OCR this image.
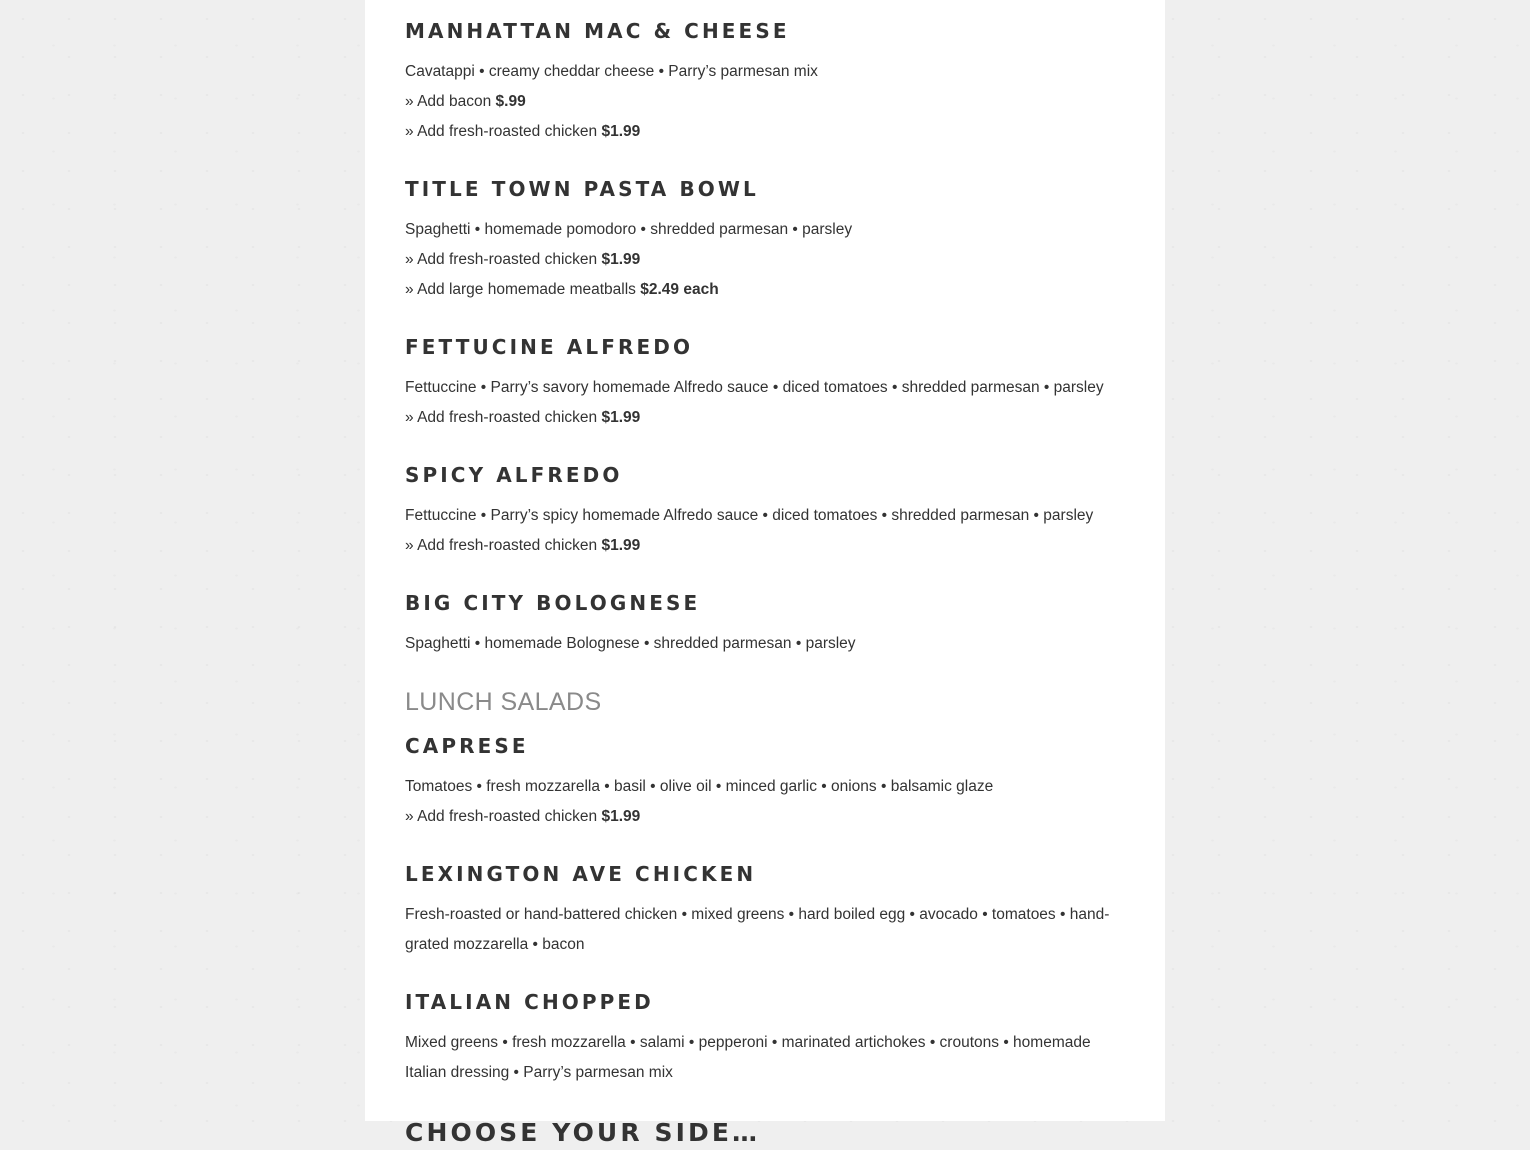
MANHATTAN MAC & CHEESE
Cavatappi • creamy cheddar cheese • Parry’s parmesan mix
» Add bacon $.99
» Add fresh-roasted chicken $1.99
TITLE TOWN PASTA BOWL
Spaghetti • homemade pomodoro • shredded parmesan • parsley
» Add fresh-roasted chicken $1.99
» Add large homemade meatballs $2.49 each
FETTUCINE ALFREDO
Fettuccine • Parry’s savory homemade Alfredo sauce • diced tomatoes • shredded parmesan • parsley
» Add fresh-roasted chicken $1.99
SPICY ALFREDO
Fettuccine • Parry’s spicy homemade Alfredo sauce • diced tomatoes • shredded parmesan • parsley
» Add fresh-roasted chicken $1.99
BIG CITY BOLOGNESE
Spaghetti • homemade Bolognese • shredded parmesan • parsley
LUNCH SALADS
CAPRESE
Tomatoes • fresh mozzarella • basil • olive oil • minced garlic • onions • balsamic glaze
» Add fresh-roasted chicken $1.99
LEXINGTON AVE CHICKEN
Fresh-roasted or hand-battered chicken • mixed greens • hard boiled egg • avocado • tomatoes • hand-
grated mozzarella • bacon
ITALIAN CHOPPED
Mixed greens • fresh mozzarella • salami • pepperoni • marinated artichokes • croutons • homemade
Italian dressing • Parry’s parmesan mix
CHOOSE YOUR SIDE…
